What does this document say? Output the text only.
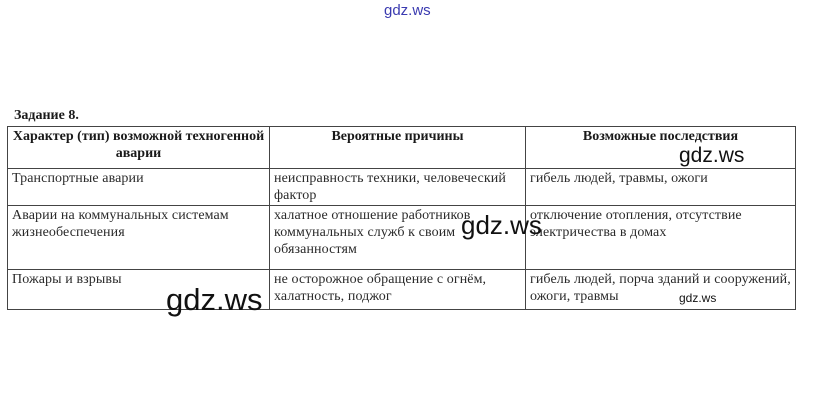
gdz.ws
Задание 8.
Характер (тип) возможной техногенной аварии	Вероятные причины	Возможные последствия

Транспортные аварии	неисправность техники, человеческий фактор	гибель людей, травмы, ожоги

Аварии на коммунальных системам жизнеобеспечения	халатное отношение работников коммунальных служб к своим обязанностям	отключение отопления, отсутствие электричества в домах

Пожары и взрывы	не осторожное обращение с огнём, халатность, поджог	гибель людей, порча зданий и сооружений, ожоги, травмы
gdz.ws
gdz.ws
gdz.ws	gdz.ws
